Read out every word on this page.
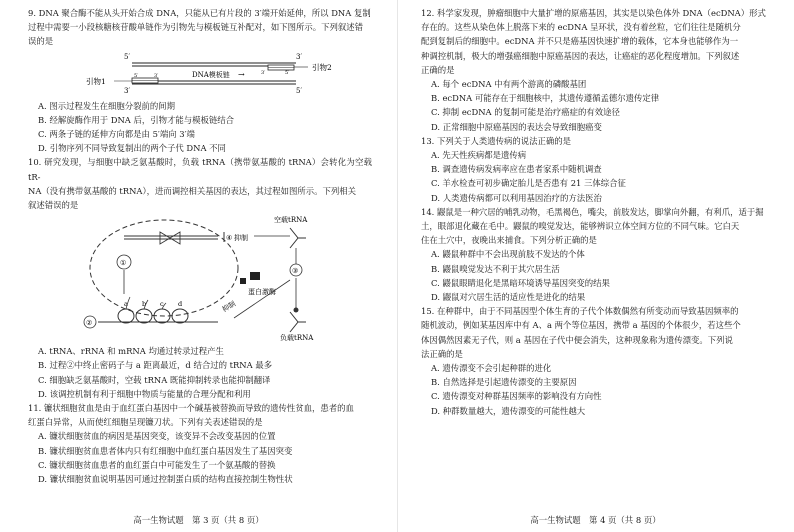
9. DNA 聚合酶不能从头开始合成 DNA，只能从已有片段的 3′端开始延伸，所以 DNA 复制
过程中需要一小段核糖核苷酸单链作为引物先与模板链互补配对，如下图所示。下列叙述错
误的是

5′	3′
引物2
3′	5′
DNA模板链 →
引物1
5′	3′
3′	5′

A. 图示过程发生在细胞分裂前的间期

B. 经解旋酶作用于 DNA 后，引物才能与模板链结合

C. 两条子链的延伸方向都是由 5′端向 3′端

D. 引物序列不同导致复制出的两个子代 DNA 不同

10. 研究发现，与细胞中缺乏氨基酸时，负载 tRNA（携带氨基酸的 tRNA）会转化为空载 tR-
NA（没有携带氨基酸的 tRNA），进而调控相关基因的表达，其过程如图所示。下列相关
叙述错误的是

①
④ 抑制
空载tRNA
③
蛋白激酶
抑制
负载tRNA
②
a b c d

A. tRNA、rRNA 和 mRNA 均通过转录过程产生

B. 过程②中终止密码子与 a 距离最近，d 结合过的 tRNA 最多

C. 细胞缺乏氨基酸时，空载 tRNA 既能抑制转录也能抑制翻译

D. 该调控机制有利于细胞中物质与能量的合理分配和利用

11. 镰状细胞贫血是由于血红蛋白基因中一个碱基被替换而导致的遗传性贫血，患者的血
红蛋白异常，从而使红细胞呈现镰刀状。下列有关表述错误的是

A. 镰状细胞贫血的病因是基因突变，该变异不会改变基因的位置

B. 镰状细胞贫血患者体内只有红细胞中血红蛋白基因发生了基因突变

C. 镰状细胞贫血患者的血红蛋白中可能发生了一个氨基酸的替换

D. 镰状细胞贫血说明基因可通过控制蛋白质的结构直接控制生物性状

高一生物试题　第 3 页（共 8 页）

12. 科学家发现，肿瘤细胞中大量扩增的原癌基因，其实是以染色体外 DNA（ecDNA）形式
存在的。这些从染色体上脱落下来的 ecDNA 呈环状，没有着丝粒，它们往往是随机分
配到复制后的细胞中。ecDNA 并不只是癌基因快速扩增的载体，它本身也能够作为一
种调控机制，极大的增强癌细胞中原癌基因的表达，让癌症的恶化程度增加。下列叙述
正确的是

A. 每个 ecDNA 中有两个游离的磷酸基团

B. ecDNA 可能存在于细胞核中，其遗传遵循孟德尔遗传定律

C. 抑制 ecDNA 的复制可能是治疗癌症的有效途径

D. 正常细胞中原癌基因的表达会导致细胞癌变

13. 下列关于人类遗传病的说法正确的是

A. 先天性疾病都是遗传病

B. 调查遗传病发病率应在患者家系中随机调查

C. 羊水检查可初步确定胎儿是否患有 21 三体综合征

D. 人类遗传病都可以利用基因治疗的方法医治

14. 鼹鼠是一种穴居的哺乳动物，毛黑褐色，嘴尖，前肢发达，脚掌向外翻，有利爪，适于掘
土，眼部退化藏在毛中。鼹鼠的嗅觉发达，能够辨识立体空间方位的不同气味。它白天
住在土穴中，夜晚出来捕食。下列分析正确的是

A. 鼹鼠种群中不会出现前肢不发达的个体

B. 鼹鼠嗅觉发达不利于其穴居生活

C. 鼹鼠眼睛退化是黑暗环境诱导基因突变的结果

D. 鼹鼠对穴居生活的适应性是进化的结果

15. 在种群中，由于不同基因型个体生育的子代个体数偶然有所变动而导致基因频率的
随机波动，例如某基因库中有 A、a 两个等位基因，携带 a 基因的个体很少，若这些个
体因偶然因素无子代，则 a 基因在子代中便会消失，这种现象称为遗传漂变。下列说
法正确的是

A. 遗传漂变不会引起种群的进化

B. 自然选择是引起遗传漂变的主要原因

C. 遗传漂变对种群基因频率的影响没有方向性

D. 种群数量越大，遗传漂变的可能性越大

高一生物试题　第 4 页（共 8 页）
